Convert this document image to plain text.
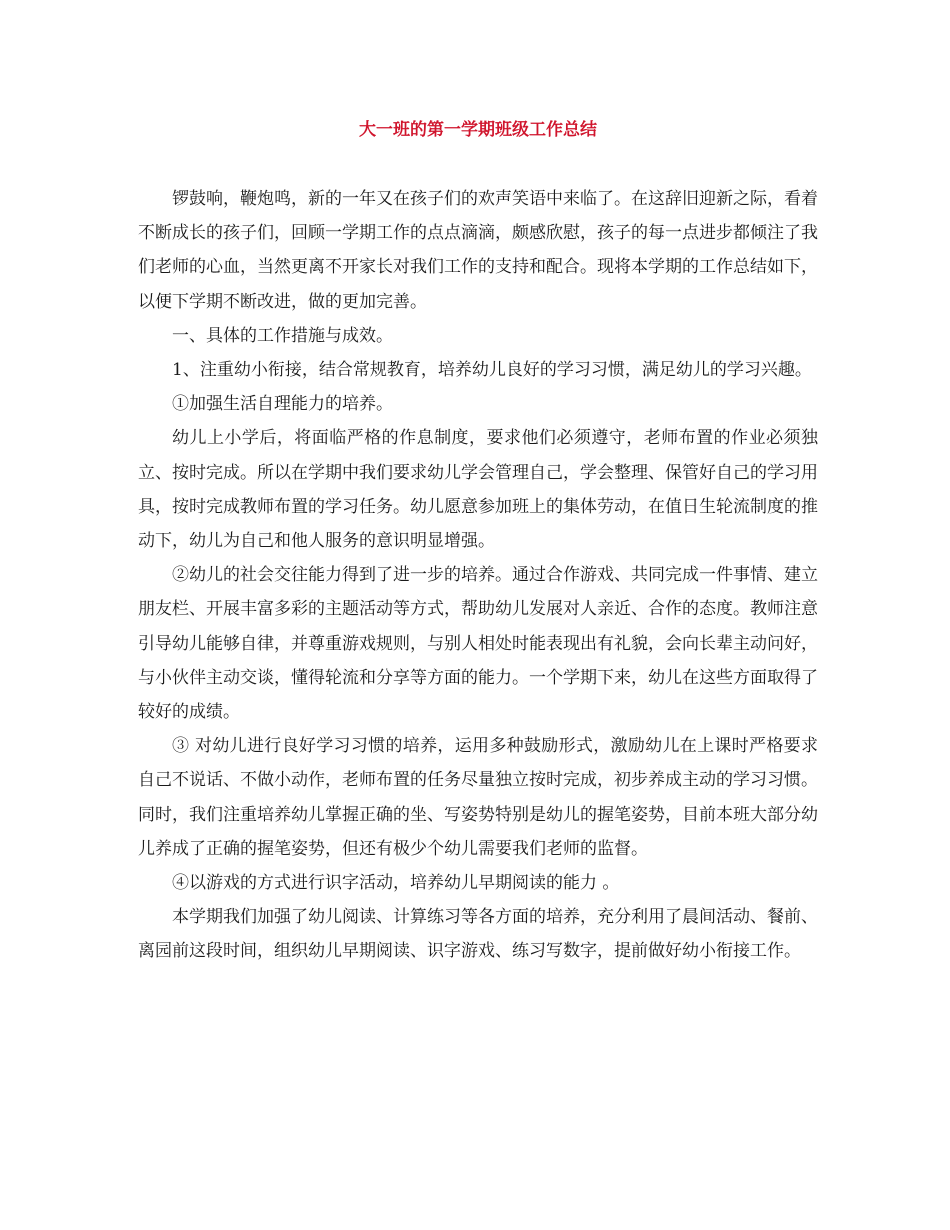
大一班的第一学期班级工作总结

锣鼓响，鞭炮鸣，新的一年又在孩子们的欢声笑语中来临了。在这辞旧迎新之际，看着不断成长的孩子们，回顾一学期工作的点点滴滴，颇感欣慰，孩子的每一点进步都倾注了我们老师的心血，当然更离不开家长对我们工作的支持和配合。现将本学期的工作总结如下，以便下学期不断改进，做的更加完善。

一、具体的工作措施与成效。

1、注重幼小衔接，结合常规教育，培养幼儿良好的学习习惯，满足幼儿的学习兴趣。

①加强生活自理能力的培养。

幼儿上小学后，将面临严格的作息制度，要求他们必须遵守，老师布置的作业必须独立、按时完成。所以在学期中我们要求幼儿学会管理自己，学会整理、保管好自己的学习用具，按时完成教师布置的学习任务。幼儿愿意参加班上的集体劳动，在值日生轮流制度的推动下，幼儿为自己和他人服务的意识明显增强。

②幼儿的社会交往能力得到了进一步的培养。通过合作游戏、共同完成一件事情、建立朋友栏、开展丰富多彩的主题活动等方式，帮助幼儿发展对人亲近、合作的态度。教师注意引导幼儿能够自律，并尊重游戏规则，与别人相处时能表现出有礼貌，会向长辈主动问好，与小伙伴主动交谈，懂得轮流和分享等方面的能力。一个学期下来，幼儿在这些方面取得了较好的成绩。

③ 对幼儿进行良好学习习惯的培养，运用多种鼓励形式，激励幼儿在上课时严格要求自己不说话、不做小动作，老师布置的任务尽量独立按时完成，初步养成主动的学习习惯。同时，我们注重培养幼儿掌握正确的坐、写姿势特别是幼儿的握笔姿势，目前本班大部分幼儿养成了正确的握笔姿势，但还有极少个幼儿需要我们老师的监督。

④以游戏的方式进行识字活动，培养幼儿早期阅读的能力 。

本学期我们加强了幼儿阅读、计算练习等各方面的培养，充分利用了晨间活动、餐前、离园前这段时间，组织幼儿早期阅读、识字游戏、练习写数字，提前做好幼小衔接工作。
